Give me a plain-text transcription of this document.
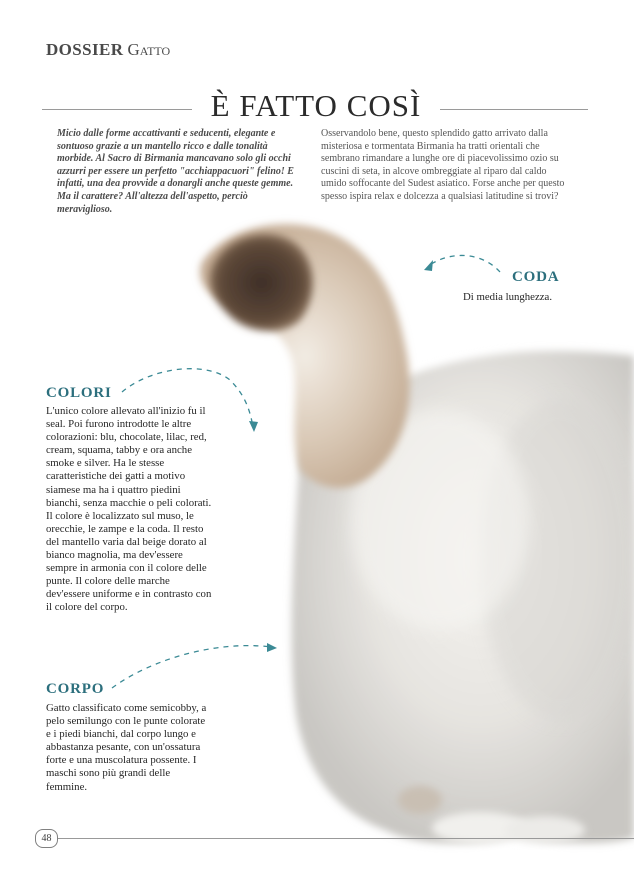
DOSSIER Gatto
È FATTO COSÌ
Micio dalle forme accattivanti e seducenti, elegante e sontuoso grazie a un mantello ricco e dalle tonalità morbide. Al Sacro di Birmania mancavano solo gli occhi azzurri per essere un perfetto "acchiappacuori" felino! E infatti, una dea provvide a donargli anche queste gemme. Ma il carattere? All'altezza dell'aspetto, perciò meraviglioso.
Osservandolo bene, questo splendido gatto arrivato dalla misteriosa e tormentata Birmania ha tratti orientali che sembrano rimandare a lunghe ore di piacevolissimo ozio su cuscini di seta, in alcove ombreggiate al riparo dal caldo umido soffocante del Sudest asiatico. Forse anche per questo spesso ispira relax e dolcezza a qualsiasi latitudine si trovi?
CODA
Di media lunghezza.
COLORI
L'unico colore allevato all'inizio fu il seal. Poi furono introdotte le altre colorazioni: blu, chocolate, lilac, red, cream, squama, tabby e ora anche smoke e silver. Ha le stesse caratteristiche dei gatti a motivo siamese ma ha i quattro piedini bianchi, senza macchie o peli colorati. Il colore è localizzato sul muso, le orecchie, le zampe e la coda. Il resto del mantello varia dal beige dorato al bianco magnolia, ma dev'essere sempre in armonia con il colore delle punte. Il colore delle marche dev'essere uniforme e in contrasto con il colore del corpo.
CORPO
Gatto classificato come semicobby, a pelo semilungo con le punte colorate e i piedi bianchi, dal corpo lungo e abbastanza pesante, con un'ossatura forte e una muscolatura possente. I maschi sono più grandi delle femmine.
48
